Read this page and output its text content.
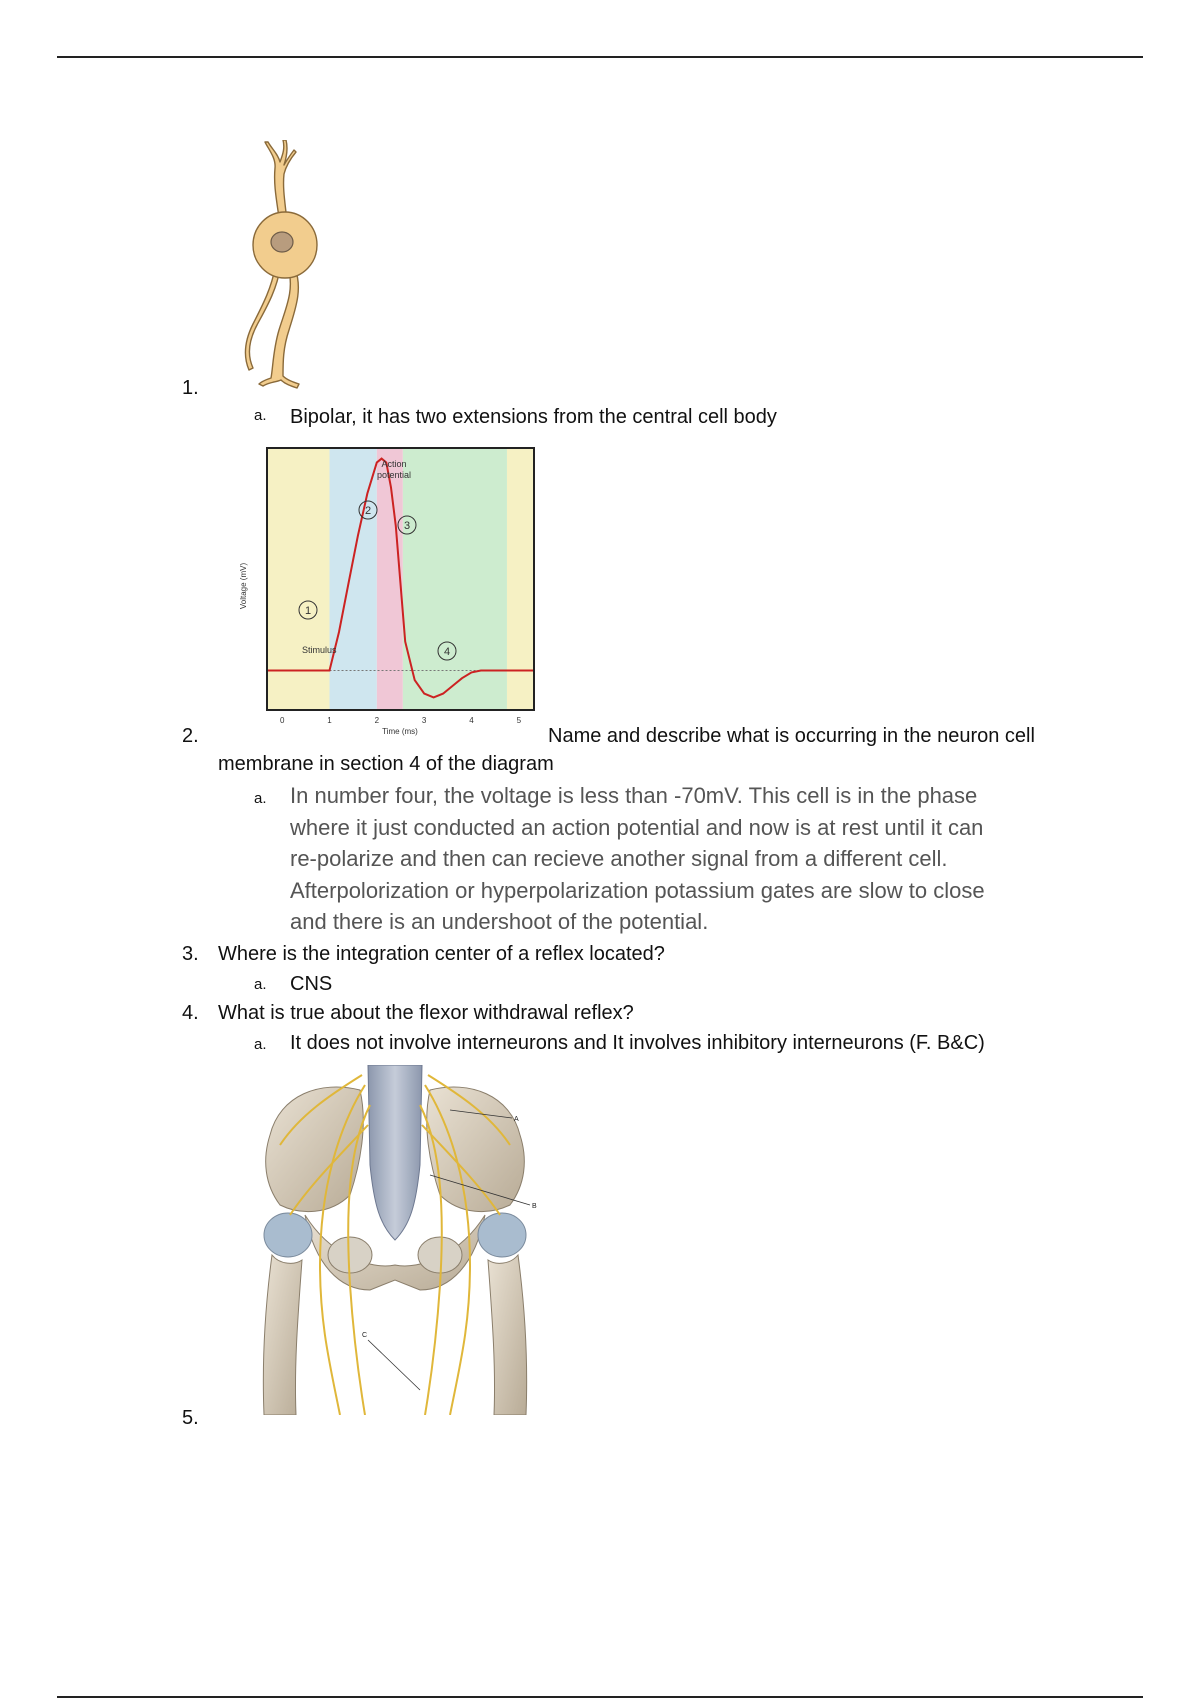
1.
a. Bipolar, it has two extensions from the central cell body
2.
0	1	2	3	4	5
Time (ms)
Voltage (mV)
Action
potential
Stimulus
1
2
3
4
Name and describe what is occurring in the neuron cell
membrane in section 4 of the diagram
a. In number four, the voltage is less than -70mV. This cell is in the phase
where it just conducted an action potential and now is at rest until it can
re-polarize and then can recieve another signal from a different cell.
Afterpolorization or hyperpolarization potassium gates are slow to close
and there is an undershoot of the potential.
3. Where is the integration center of a reflex located?
a. CNS
4. What is true about the flexor withdrawal reflex?
a. It does not involve interneurons and It involves inhibitory interneurons (F. B&C)
5.
A
B
C
